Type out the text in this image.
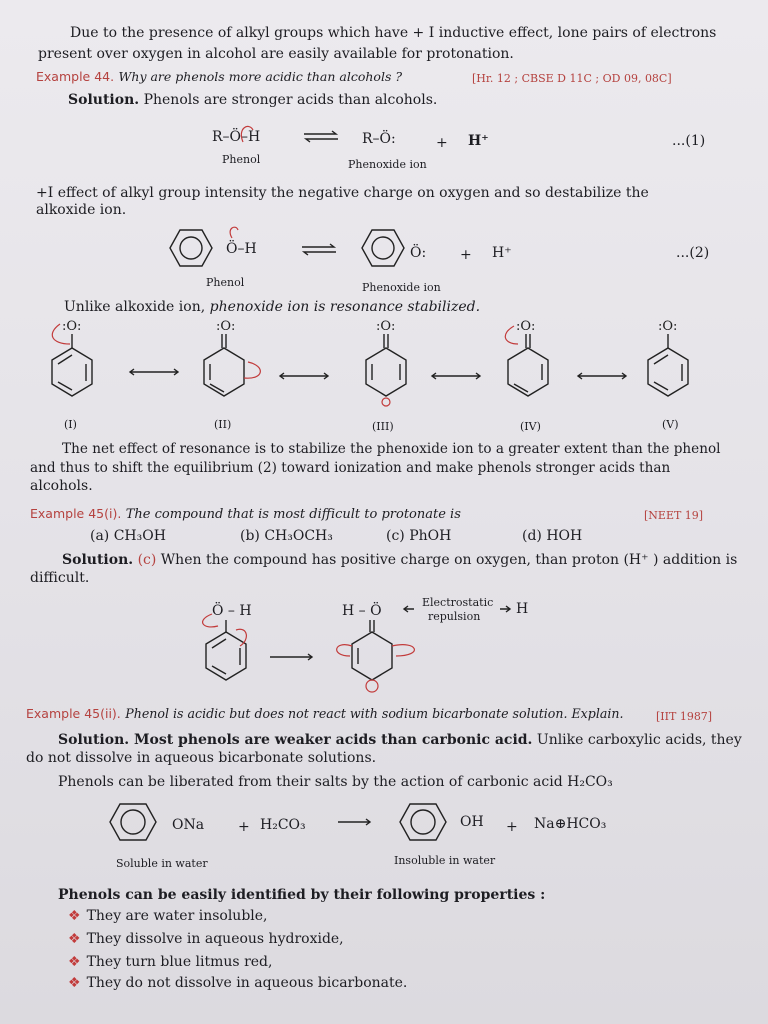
Due to the presence of alkyl groups which have + I inductive effect, lone pairs of electrons
present over oxygen in alcohol are easily available for protonation.
Example 44. Why are phenols more acidic than alcohols ?	[Hr. 12 ; CBSE D 11C ; OD 09, 08C]
Solution. Phenols are stronger acids than alcohols.
R–Ö–H	⇌ R–Ö:	+ H⁺	...(1)
Phenol	Phenoxide ion
+I effect of alkyl group intensity the negative charge on oxygen and so destabilize the
alkoxide ion.
Ö–H	Ö: + H⁺	...(2)
Phenol	Phenoxide ion
Unlike alkoxide ion, phenoxide ion is resonance stabilized.
:O:	:O:	:O:	:O:	:O:
(I)	(II)	(III)	(IV)	(V)
The net effect of resonance is to stabilize the phenoxide ion to a greater extent than the phenol
and thus to shift the equilibrium (2) toward ionization and make phenols stronger acids than
alcohols.
Example 45(i). The compound that is most difficult to protonate is	[NEET 19]
(a) CH₃OH	(b) CH₃OCH₃	(c) PhOH	(d) HOH
Solution. (c) When the compound has positive charge on oxygen, than proton (H⁺ ) addition is
difficult.
Ö – H	H – Ö
Electrostatic
repulsion	H
Example 45(ii). Phenol is acidic but does not react with sodium bicarbonate solution. Explain.	[IIT 1987]
Solution. Most phenols are weaker acids than carbonic acid. Unlike carboxylic acids, they
do not dissolve in aqueous bicarbonate solutions.
Phenols can be liberated from their salts by the action of carbonic acid H₂CO₃
ONa + H₂CO₃	OH + Na⊕HCO₃
Soluble in water	Insoluble in water
Phenols can be easily identified by their following properties :
❖ They are water insoluble,
❖ They dissolve in aqueous hydroxide,
❖ They turn blue litmus red,
❖ They do not dissolve in aqueous bicarbonate.
